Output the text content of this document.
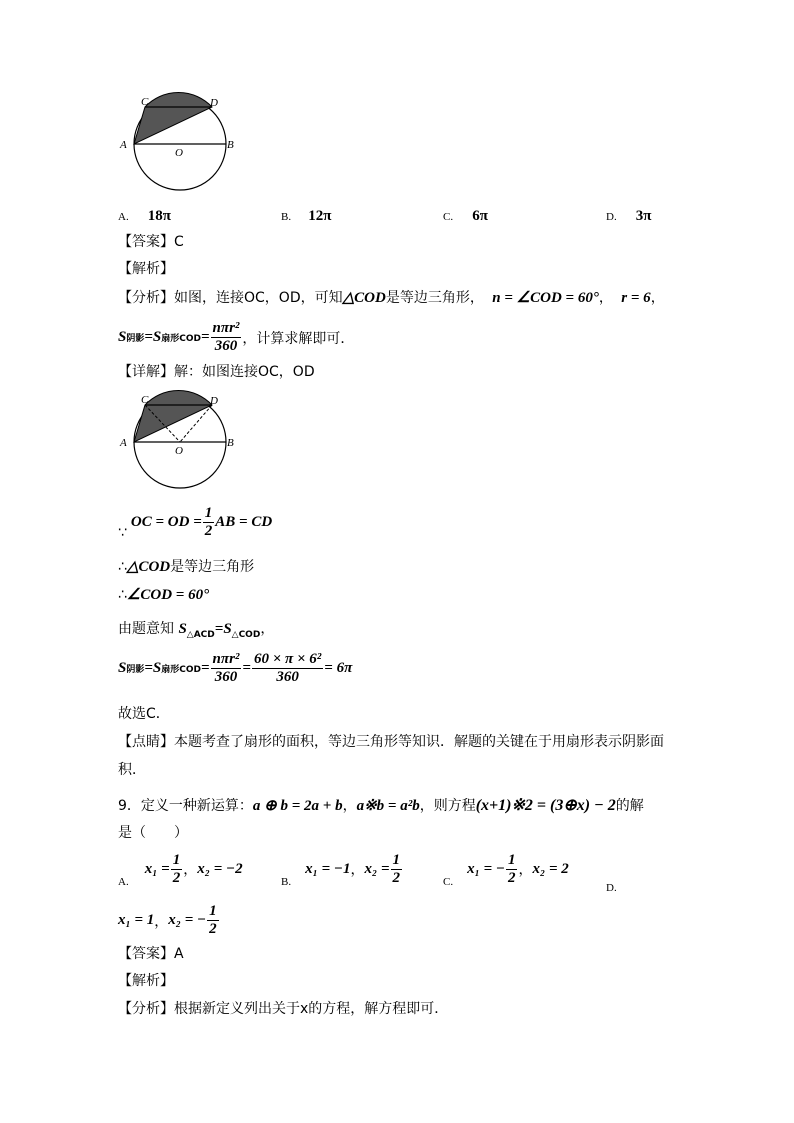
C	D
A
O
B
A. 18π	B. 12π	C. 6π	D. 3π
【答案】C
【解析】
【分析】如图，连接OC，OD，可知△COD是等边三角形， n = ∠COD = 60°， r = 6，
S 阴影 =S 扇形COD = $\frac{\text{nπr²}}{360}$ ，计算求解即可．
【详解】解：如图连接OC，OD
C	D
A
O
B
∵
OC = OD = $\frac{1}{2}$ AB = CD
∴△COD是等边三角形
∴∠COD = 60°
由题意知 $S_{\triangle ACD}=S_{\triangle COD}$，
S 阴影 =S 扇形COD = $\frac{\text{nπr²}}{360} = \frac{\text{60 × π × 6²}}{360} = 6\pi$
故选C．
【点睛】本题考查了扇形的面积，等边三角形等知识．解题的关键在于用扇形表示阴影面
积．
9．定义一种新运算：a ⊕ b = 2a + b，a※b = a²b，则方程(x+1)※2 = (3⊕x) − 2的解
是（　　）
A.
$x_1 = \frac{1}{2}$ ， x₂ = −2
B.
x₁ = −1 ， $x_2 = \frac{1}{2}$	C.
x₁ = − $\frac{1}{2}$ ， x₂ = 2
D.
x₁ = 1 ， x₂ = − $\frac{1}{2}$
【答案】A
【解析】
【分析】根据新定义列出关于x的方程，解方程即可．
